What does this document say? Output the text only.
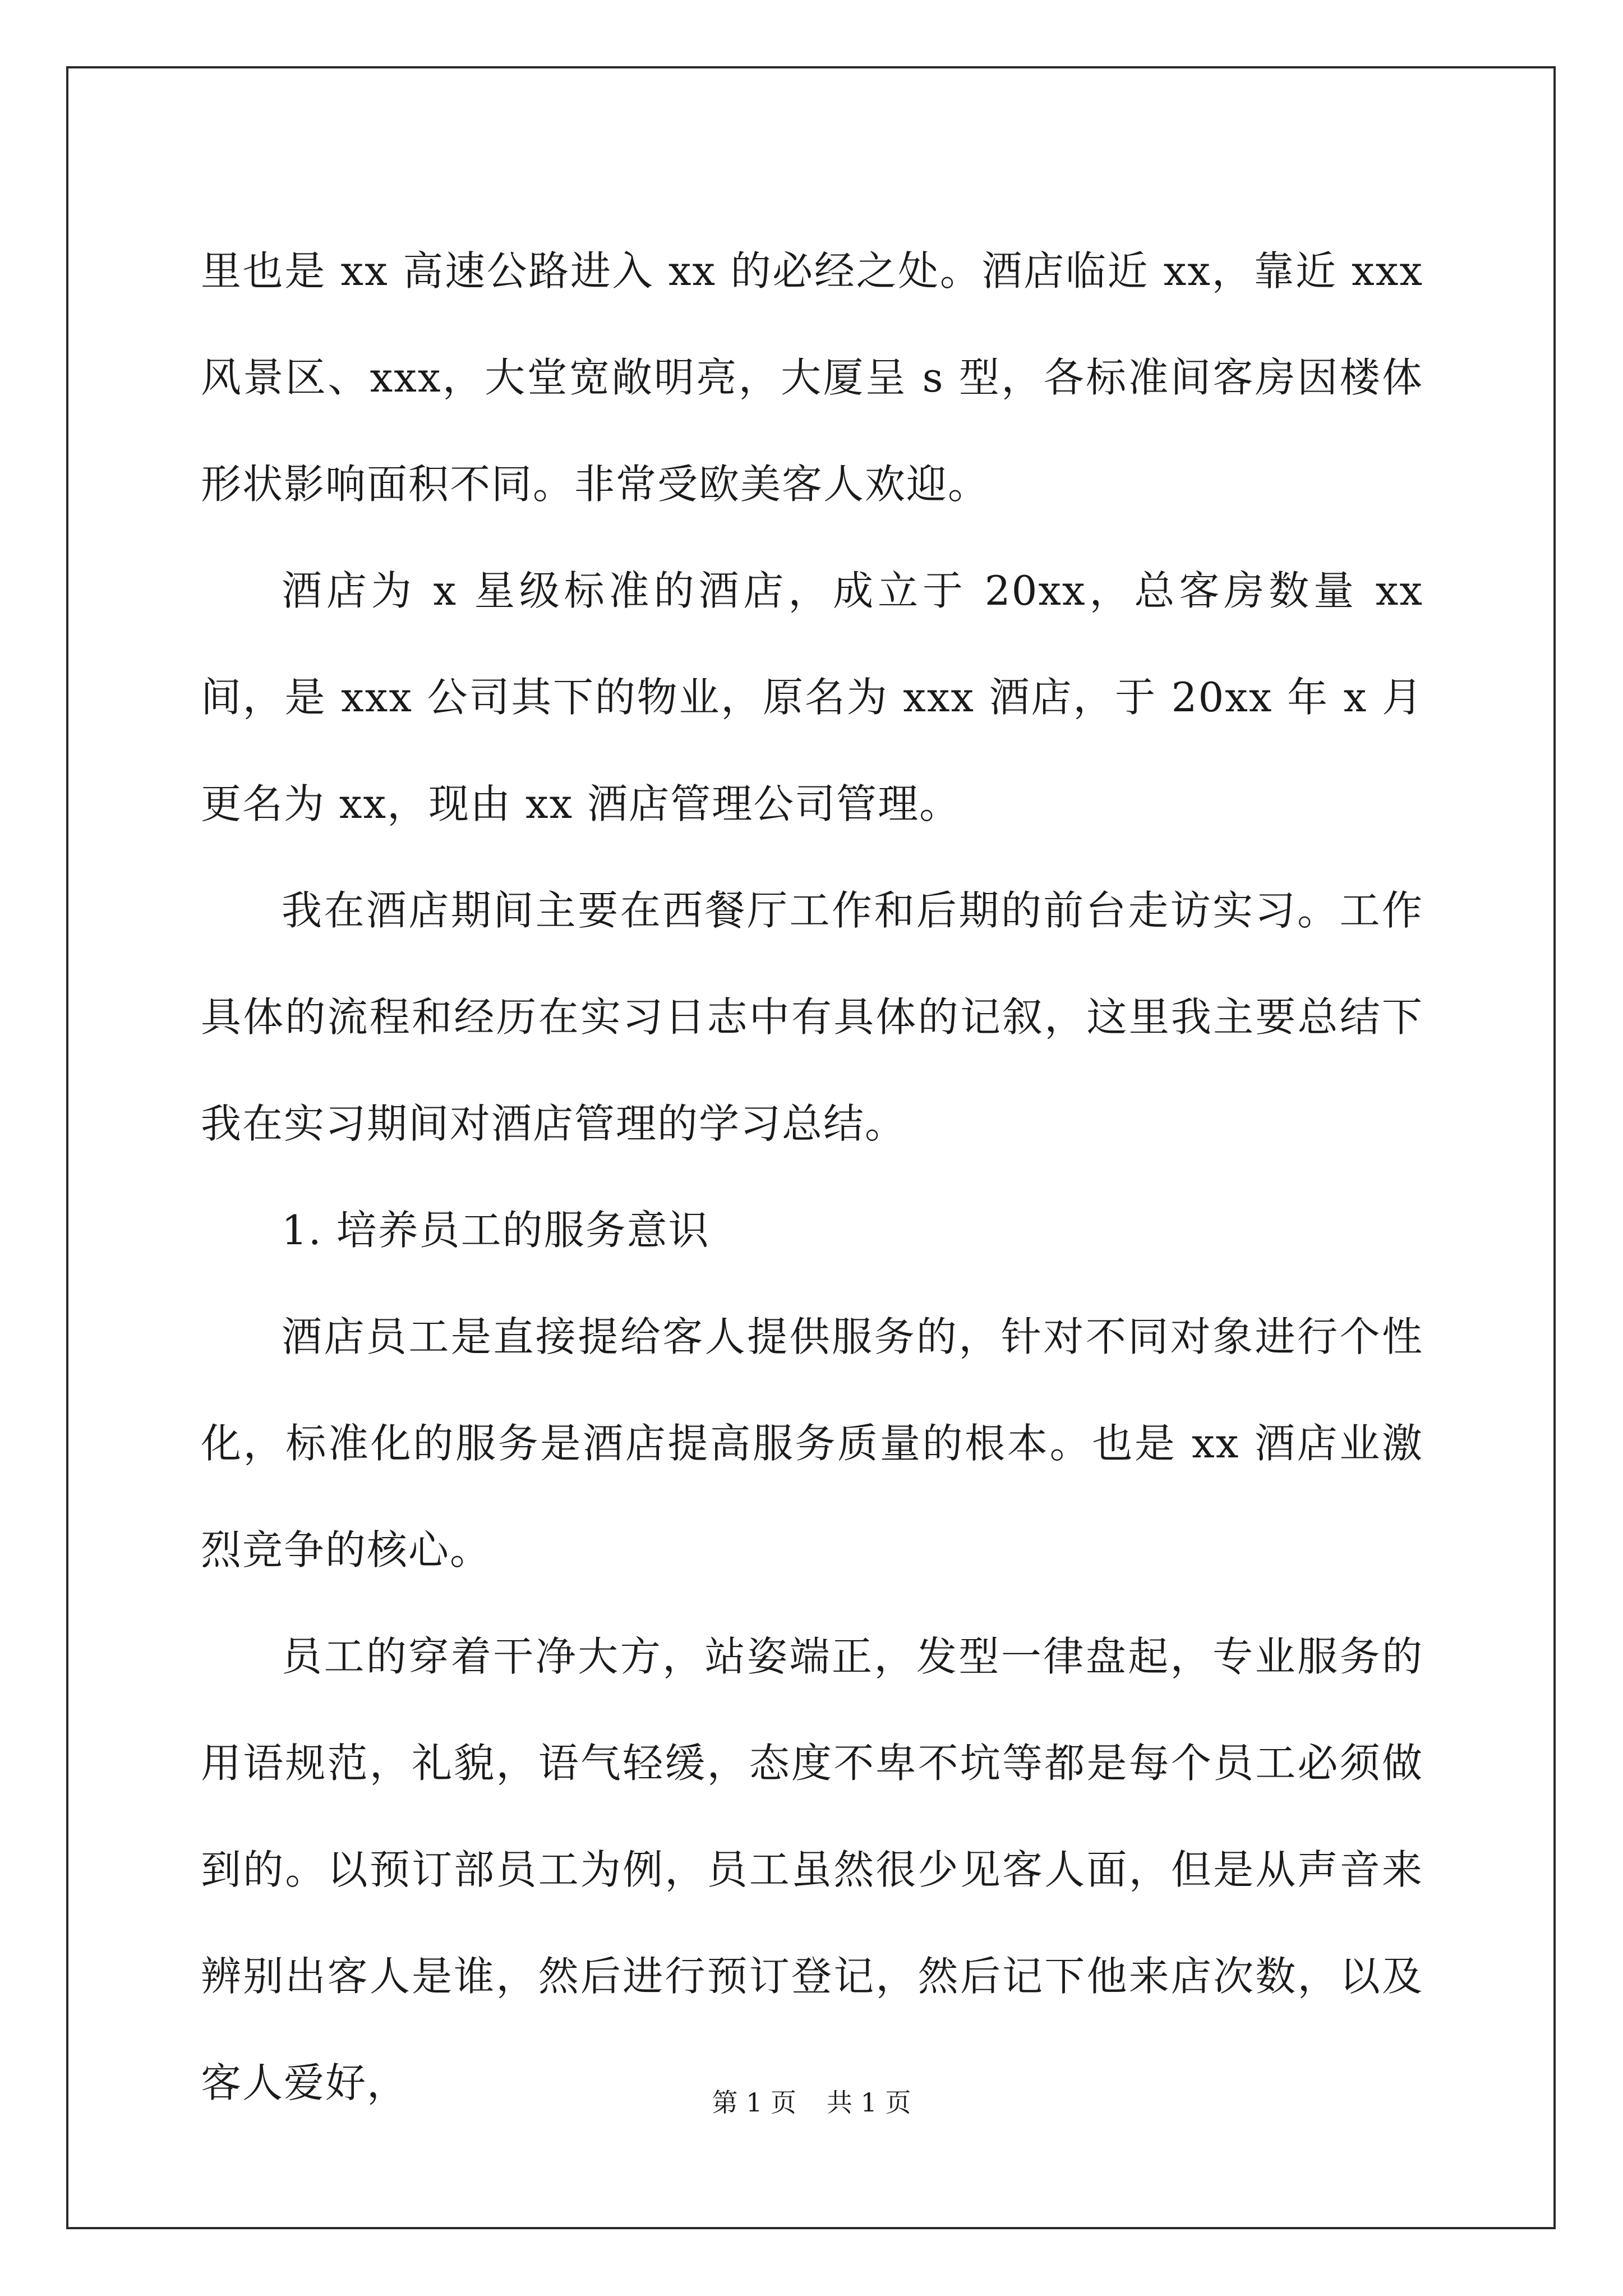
里也是 xx 高速公路进入 xx 的必经之处。酒店临近 xx，靠近 xxx 风景区、xxx，大堂宽敞明亮，大厦呈 s 型，各标准间客房因楼体形状影响面积不同。非常受欧美客人欢迎。

酒店为 x 星级标准的酒店，成立于 20xx，总客房数量 xx 间，是 xxx 公司其下的物业，原名为 xxx 酒店，于 20xx 年 x 月更名为 xx，现由 xx 酒店管理公司管理。

我在酒店期间主要在西餐厅工作和后期的前台走访实习。工作具体的流程和经历在实习日志中有具体的记叙，这里我主要总结下我在实习期间对酒店管理的学习总结。

1. 培养员工的服务意识

酒店员工是直接提给客人提供服务的，针对不同对象进行个性化，标准化的服务是酒店提高服务质量的根本。也是 xx 酒店业激烈竞争的核心。

员工的穿着干净大方，站姿端正，发型一律盘起，专业服务的用语规范，礼貌，语气轻缓，态度不卑不坑等都是每个员工必须做到的。以预订部员工为例，员工虽然很少见客人面，但是从声音来辨别出客人是谁，然后进行预订登记，然后记下他来店次数，以及客人爱好，	第 1 页 共 1 页
